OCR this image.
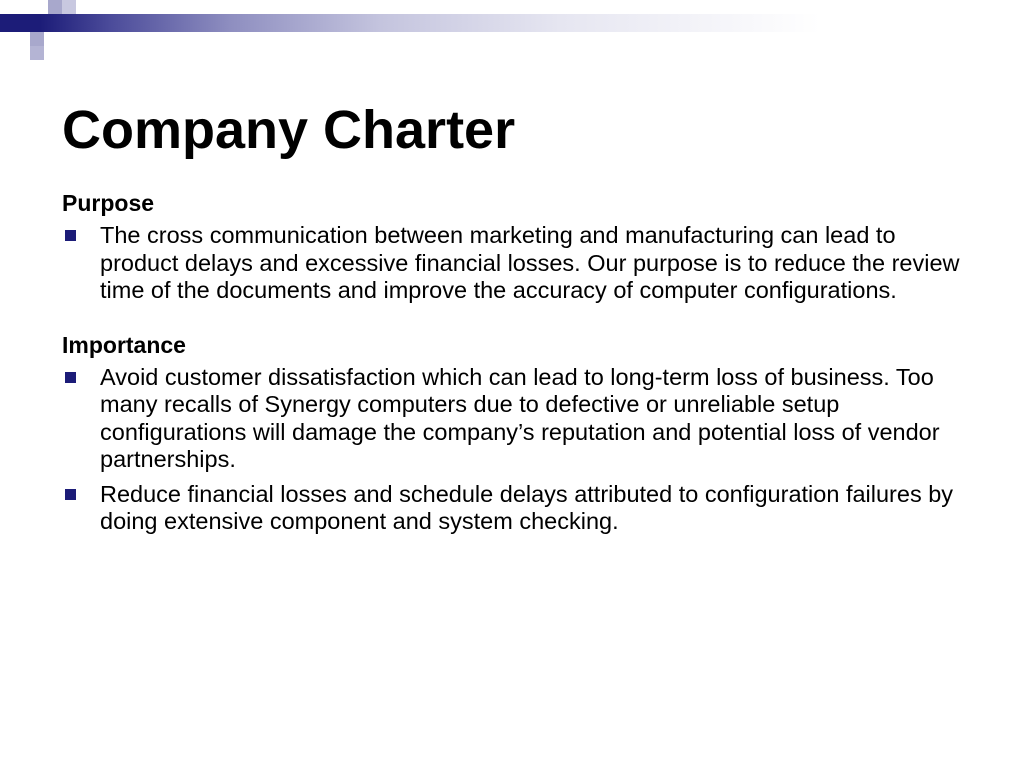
Company Charter
Purpose
The cross communication between marketing and manufacturing can lead to product delays and excessive financial losses. Our purpose is to reduce the review time of the documents and improve the accuracy of computer configurations.
Importance
Avoid customer dissatisfaction which can lead to long-term loss of business. Too many recalls of Synergy computers due to defective or unreliable setup configurations will damage the company’s reputation and potential loss of vendor partnerships.
Reduce financial losses and schedule delays attributed to configuration failures by doing extensive component and system checking.
